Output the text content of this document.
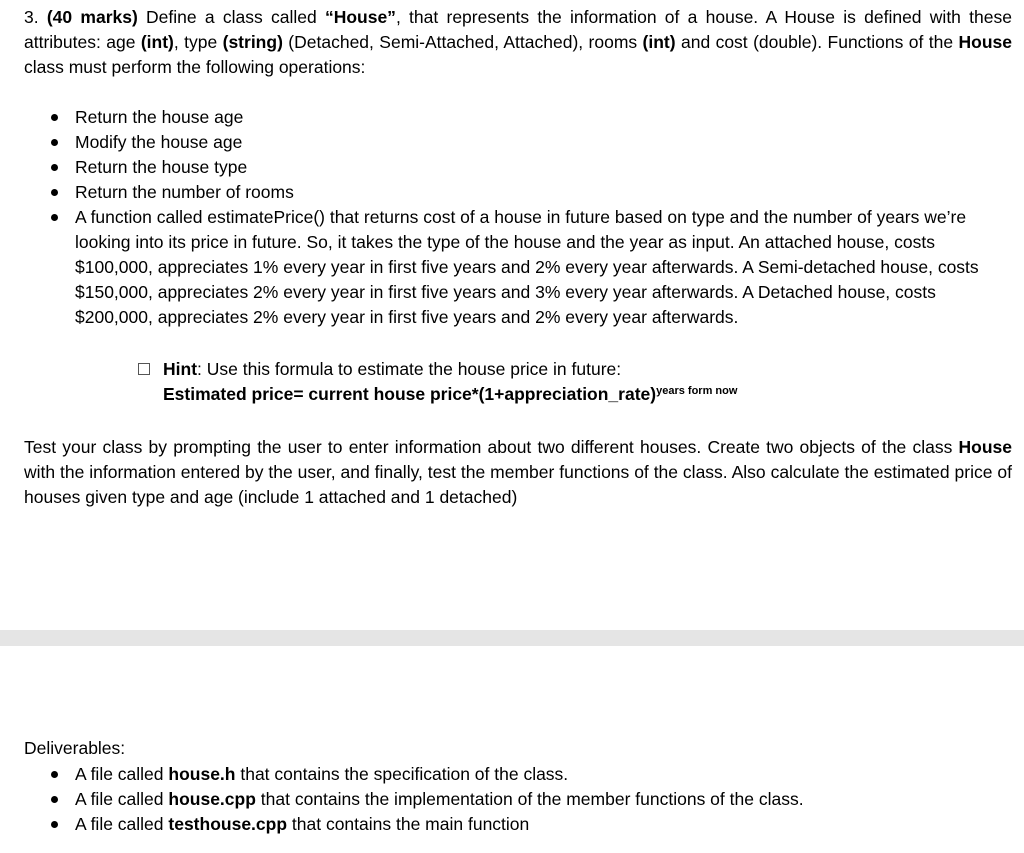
3. (40 marks) Define a class called “House”, that represents the information of a house. A House is defined with these attributes: age (int), type (string) (Detached, Semi-Attached, Attached), rooms (int) and cost (double). Functions of the House class must perform the following operations:
Return the house age
Modify the house age
Return the house type
Return the number of rooms
A function called estimatePrice() that returns cost of a house in future based on type and the number of years we’re looking into its price in future. So, it takes the type of the house and the year as input. An attached house, costs $100,000, appreciates 1% every year in first five years and 2% every year afterwards. A Semi-detached house, costs $150,000, appreciates 2% every year in first five years and 3% every year afterwards. A Detached house, costs $200,000, appreciates 2% every year in first five years and 2% every year afterwards.
Hint: Use this formula to estimate the house price in future:
Estimated price= current house price*(1+appreciation_rate)$^{years form now}$
Test your class by prompting the user to enter information about two different houses. Create two objects of the class House with the information entered by the user, and finally, test the member functions of the class. Also calculate the estimated price of houses given type and age (include 1 attached and 1 detached)
Deliverables:
A file called house.h that contains the specification of the class.
A file called house.cpp that contains the implementation of the member functions of the class.
A file called testhouse.cpp that contains the main function
